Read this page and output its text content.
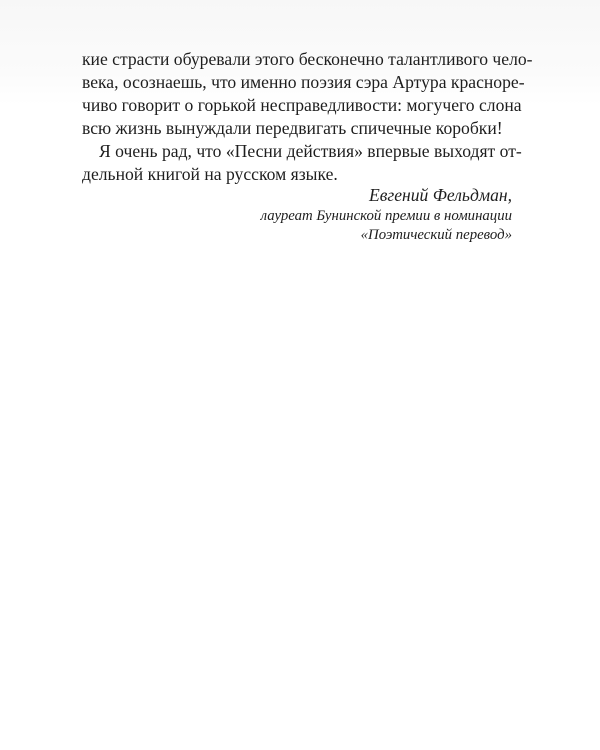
кие страсти обуревали этого бесконечно талантливого чело-
века, осознаешь, что именно поэзия сэра Артура красноре-
чиво говорит о горькой несправедливости: могучего слона
всю жизнь вынуждали передвигать спичечные коробки!
Я очень рад, что «Песни действия» впервые выходят от-
дельной книгой на русском языке.
Евгений Фельдман,
лауреат Бунинской премии в номинации
«Поэтический перевод»
